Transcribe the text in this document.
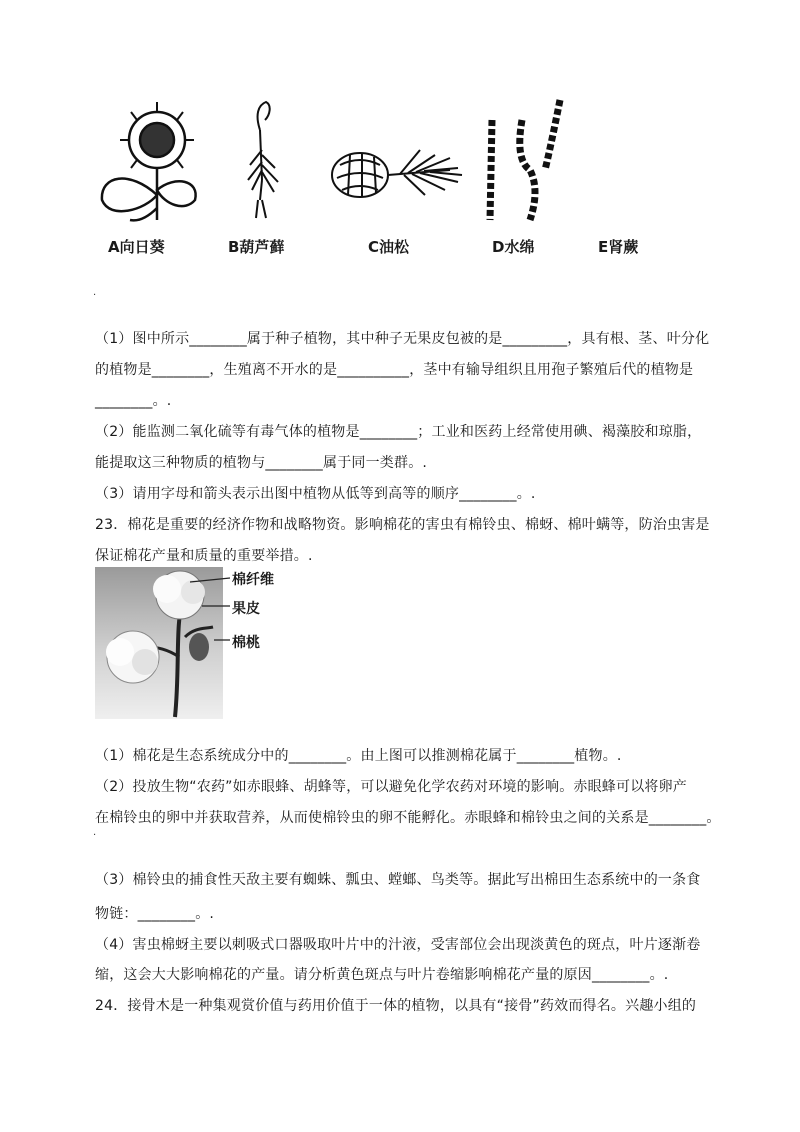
A向日葵	B葫芦藓	C油松	D水绵	E肾蕨
·
（1）图中所示________属于种子植物，其中种子无果皮包被的是_________，具有根、茎、叶分化
的植物是________，生殖离不开水的是__________，茎中有输导组织且用孢子繁殖后代的植物是
________。.
（2）能监测二氧化硫等有毒气体的植物是________；工业和医药上经常使用碘、褐藻胶和琼脂，
能提取这三种物质的植物与________属于同一类群。.
（3）请用字母和箭头表示出图中植物从低等到高等的顺序________。.
23．棉花是重要的经济作物和战略物资。影响棉花的害虫有棉铃虫、棉蚜、棉叶螨等，防治虫害是
保证棉花产量和质量的重要举措。.
棉纤维
果皮
棉桃
（1）棉花是生态系统成分中的________。由上图可以推测棉花属于________植物。.
（2）投放生物“农药”如赤眼蜂、胡蜂等，可以避免化学农药对环境的影响。赤眼蜂可以将卵产
在棉铃虫的卵中并获取营养，从而使棉铃虫的卵不能孵化。赤眼蜂和棉铃虫之间的关系是________。
·
（3）棉铃虫的捕食性天敌主要有蜘蛛、瓢虫、螳螂、鸟类等。据此写出棉田生态系统中的一条食
物链：________。.
（4）害虫棉蚜主要以刺吸式口器吸取叶片中的汁液，受害部位会出现淡黄色的斑点，叶片逐渐卷
缩，这会大大影响棉花的产量。请分析黄色斑点与叶片卷缩影响棉花产量的原因________。.
24．接骨木是一种集观赏价值与药用价值于一体的植物，以具有“接骨”药效而得名。兴趣小组的
